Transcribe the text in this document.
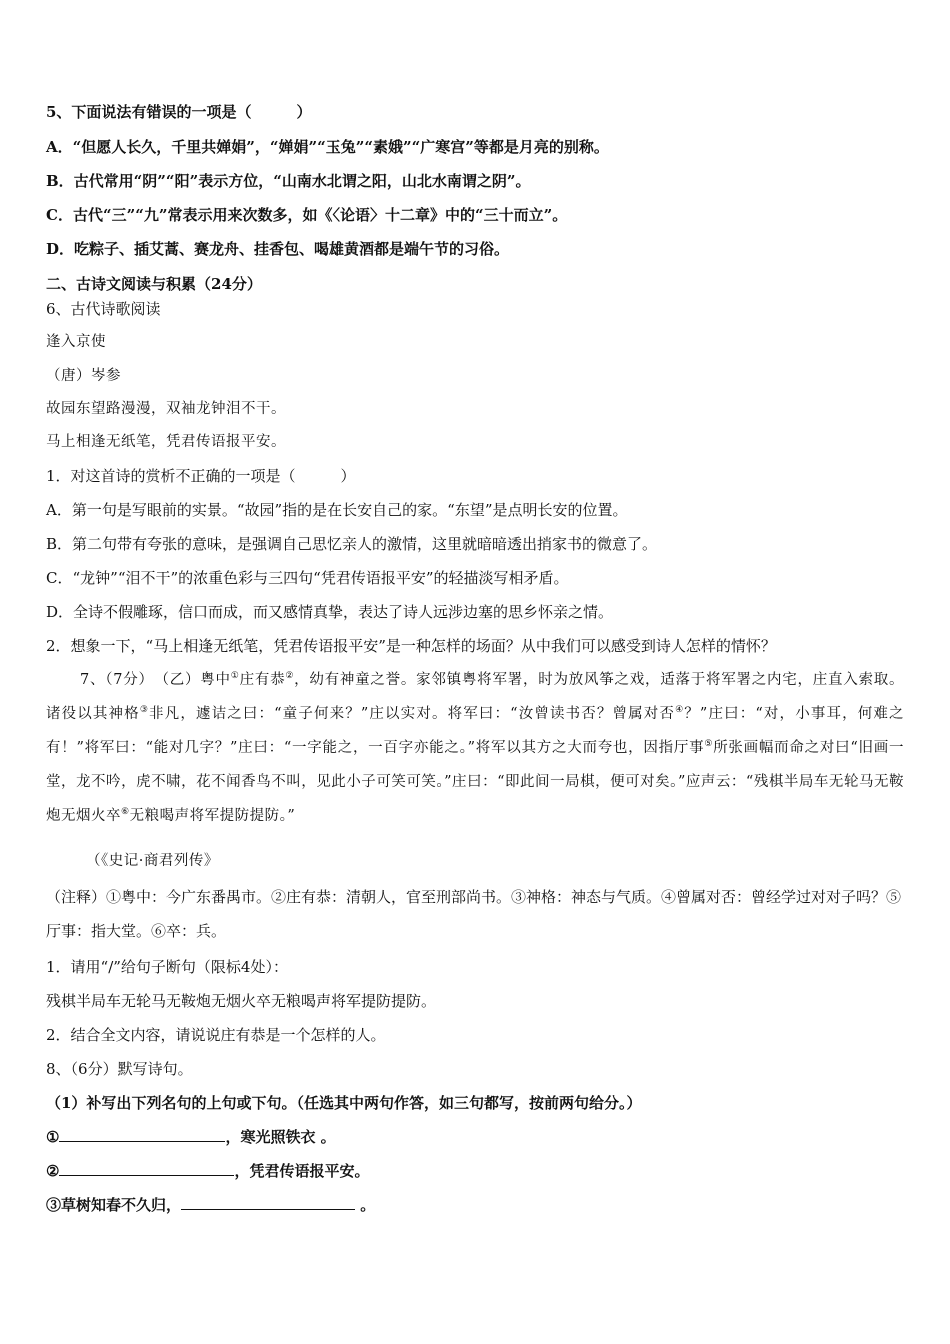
5、下面说法有错误的一项是（　　　）
A．“但愿人长久，千里共婵娟”，“婵娟”“玉兔”“素娥”“广寒宫”等都是月亮的别称。
B．古代常用“阴”“阳”表示方位，“山南水北谓之阳，山北水南谓之阴”。
C．古代“三”“九”常表示用来次数多，如《〈论语〉十二章》中的“三十而立”。
D．吃粽子、插艾蒿、赛龙舟、挂香包、喝雄黄酒都是端午节的习俗。
二、古诗文阅读与积累（24分）
6、古代诗歌阅读
逢入京使
（唐）岑参
故园东望路漫漫，双袖龙钟泪不干。
马上相逢无纸笔，凭君传语报平安。
1．对这首诗的赏析不正确的一项是（　　　）
A．第一句是写眼前的实景。“故园”指的是在长安自己的家。“东望”是点明长安的位置。
B．第二句带有夸张的意味，是强调自己思忆亲人的激情，这里就暗暗透出捎家书的微意了。
C．“龙钟”“泪不干”的浓重色彩与三四句“凭君传语报平安”的轻描淡写相矛盾。
D．全诗不假雕琢，信口而成，而又感情真挚，表达了诗人远涉边塞的思乡怀亲之情。
2．想象一下，“马上相逢无纸笔，凭君传语报平安”是一种怎样的场面？从中我们可以感受到诗人怎样的情怀？
7、（7分）　（乙）粤中①庄有恭②，幼有神童之誉。家邻镇粤将军署，时为放风筝之戏，适落于将军署之内宅，庄直入索取。诸役以其神格③非凡，遽诘之曰：“童子何来？”庄以实对。将军曰：“汝曾读书否？曾属对否④？”庄曰：“对，小事耳，何难之有！”将军曰：“能对几字？”庄曰：“一字能之，一百字亦能之。”将军以其方之大而夸也，因指厅事⑤所张画幅而命之对曰“旧画一堂，龙不吟，虎不啸，花不闻香鸟不叫，见此小子可笑可笑。”庄曰：“即此间一局棋，便可对矣。”应声云：“残棋半局车无轮马无鞍炮无烟火卒⑥无粮喝声将军提防提防。”
（《史记·商君列传》
（注释）①粤中：今广东番禺市。②庄有恭：清朝人，官至刑部尚书。③神格：神态与气质。④曾属对否：曾经学过对对子吗？⑤厅事：指大堂。⑥卒：兵。
1．请用“/”给句子断句（限标4处）：
残棋半局车无轮马无鞍炮无烟火卒无粮喝声将军提防提防。
2．结合全文内容，请说说庄有恭是一个怎样的人。
8、（6分）默写诗句。
（1）补写出下列名句的上句或下句。（任选其中两句作答，如三句都写，按前两句给分。）
①	，寒光照铁衣 。
②	，凭君传语报平安。
③草树知春不久归，	。
